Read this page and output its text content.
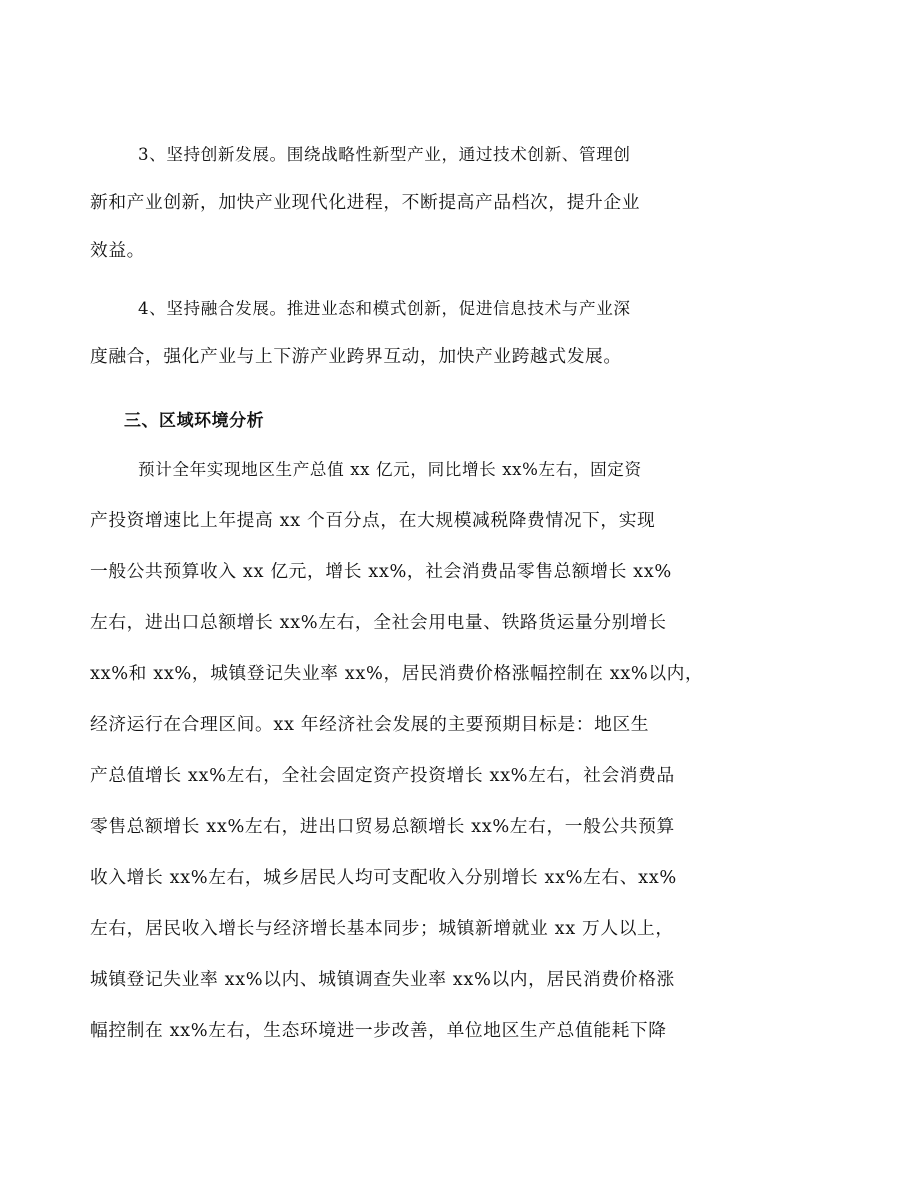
3、坚持创新发展。围绕战略性新型产业，通过技术创新、管理创
新和产业创新，加快产业现代化进程，不断提高产品档次，提升企业
效益。
4、坚持融合发展。推进业态和模式创新，促进信息技术与产业深
度融合，强化产业与上下游产业跨界互动，加快产业跨越式发展。
三、区域环境分析
预计全年实现地区生产总值 xx 亿元，同比增长 xx%左右，固定资
产投资增速比上年提高 xx 个百分点，在大规模减税降费情况下，实现
一般公共预算收入 xx 亿元，增长 xx%，社会消费品零售总额增长 xx%
左右，进出口总额增长 xx%左右，全社会用电量、铁路货运量分别增长
xx%和 xx%，城镇登记失业率 xx%，居民消费价格涨幅控制在 xx%以内，
经济运行在合理区间。xx 年经济社会发展的主要预期目标是：地区生
产总值增长 xx%左右，全社会固定资产投资增长 xx%左右，社会消费品
零售总额增长 xx%左右，进出口贸易总额增长 xx%左右，一般公共预算
收入增长 xx%左右，城乡居民人均可支配收入分别增长 xx%左右、xx%
左右，居民收入增长与经济增长基本同步；城镇新增就业 xx 万人以上，
城镇登记失业率 xx%以内、城镇调查失业率 xx%以内，居民消费价格涨
幅控制在 xx%左右，生态环境进一步改善，单位地区生产总值能耗下降
